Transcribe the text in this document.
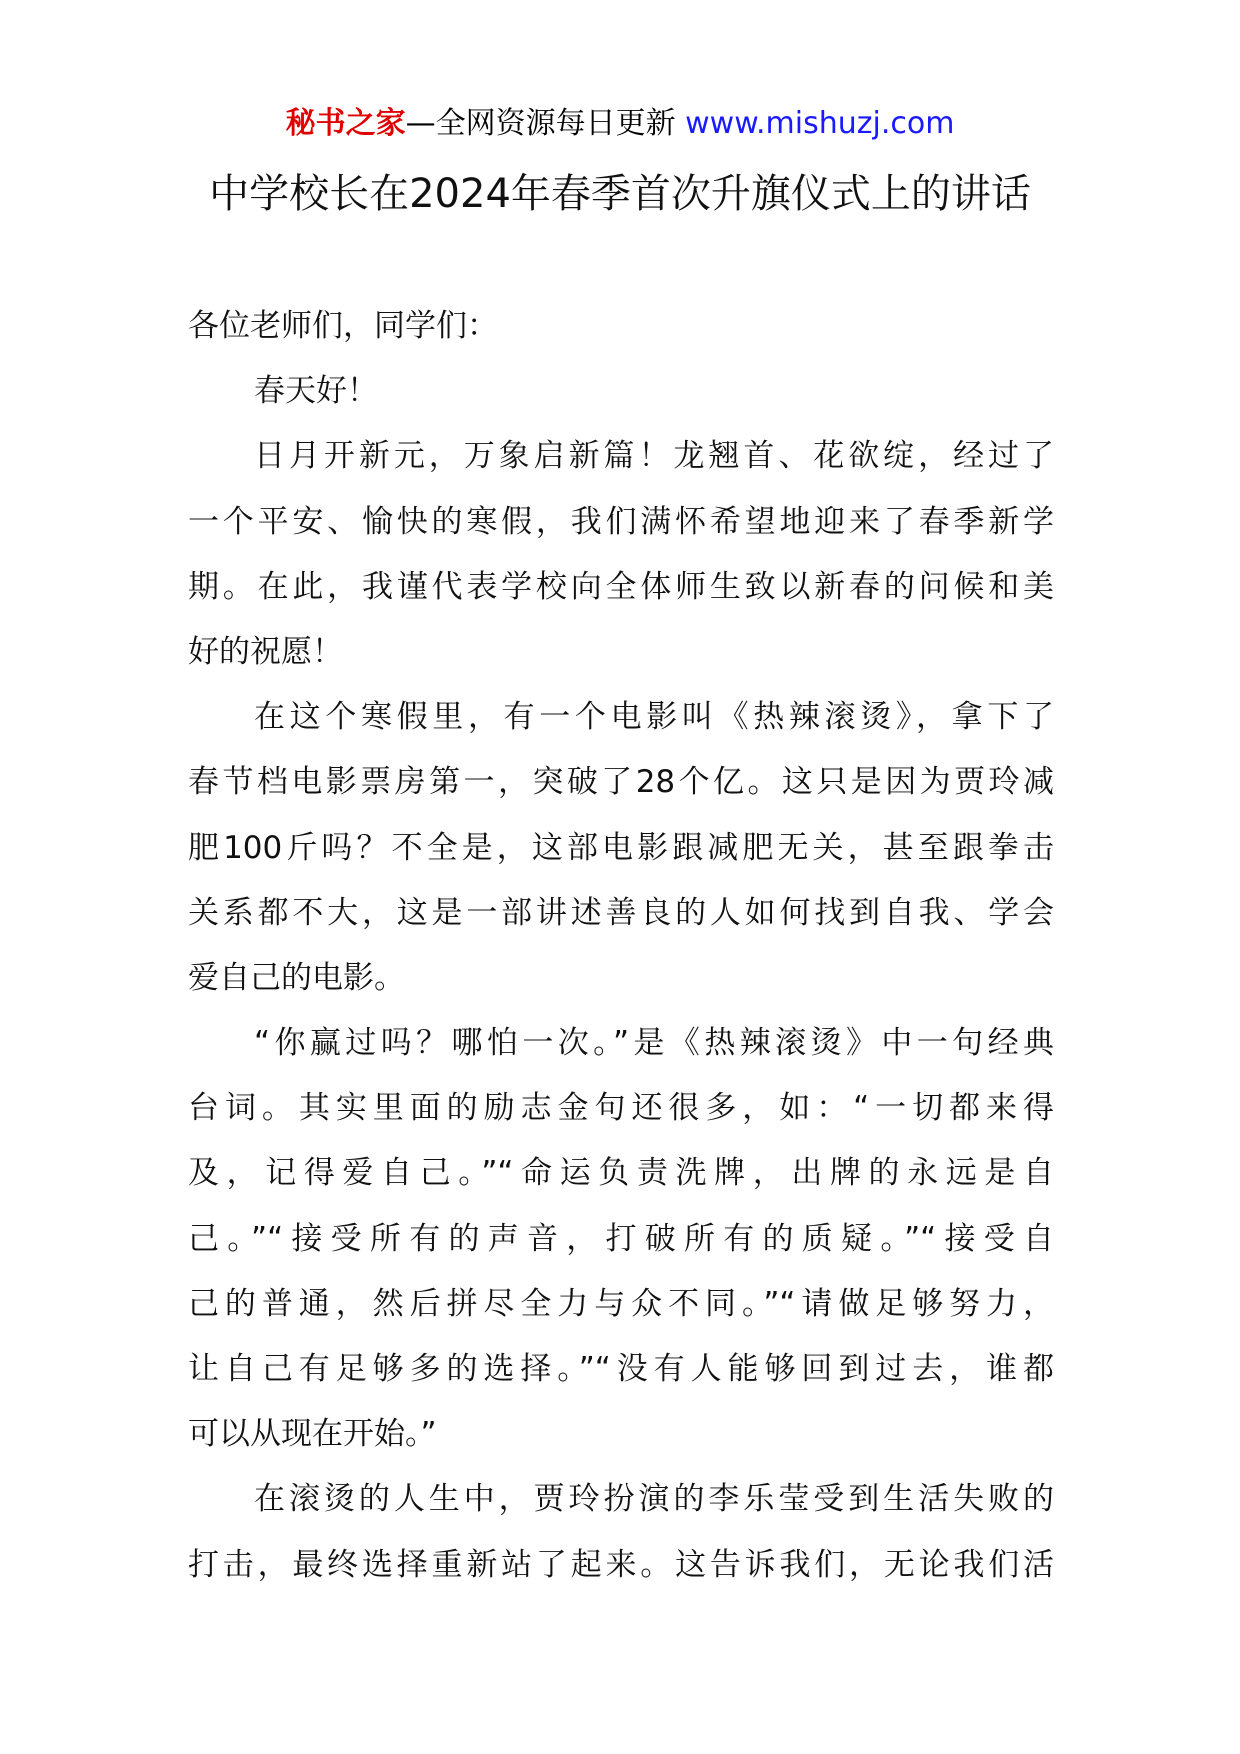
秘书之家—全网资源每日更新 www.mishuzj.com
中学校长在2024年春季首次升旗仪式上的讲话
各位老师们，同学们：
春天好！
日月开新元，万象启新篇！龙翘首、花欲绽，经过了
一个平安、愉快的寒假，我们满怀希望地迎来了春季新学
期。在此，我谨代表学校向全体师生致以新春的问候和美
好的祝愿！
在这个寒假里，有一个电影叫《热辣滚烫》，拿下了
春节档电影票房第一，突破了28个亿。这只是因为贾玲减
肥100斤吗？不全是，这部电影跟减肥无关，甚至跟拳击
关系都不大，这是一部讲述善良的人如何找到自我、学会
爱自己的电影。
“你赢过吗？哪怕一次。”是《热辣滚烫》中一句经典
台词。其实里面的励志金句还很多，如：“一切都来得
及，记得爱自己。”“命运负责洗牌，出牌的永远是自
己。”“接受所有的声音，打破所有的质疑。”“接受自
己的普通，然后拼尽全力与众不同。”“请做足够努力，
让自己有足够多的选择。”“没有人能够回到过去，谁都
可以从现在开始。”
在滚烫的人生中，贾玲扮演的李乐莹受到生活失败的
打击，最终选择重新站了起来。这告诉我们，无论我们活
